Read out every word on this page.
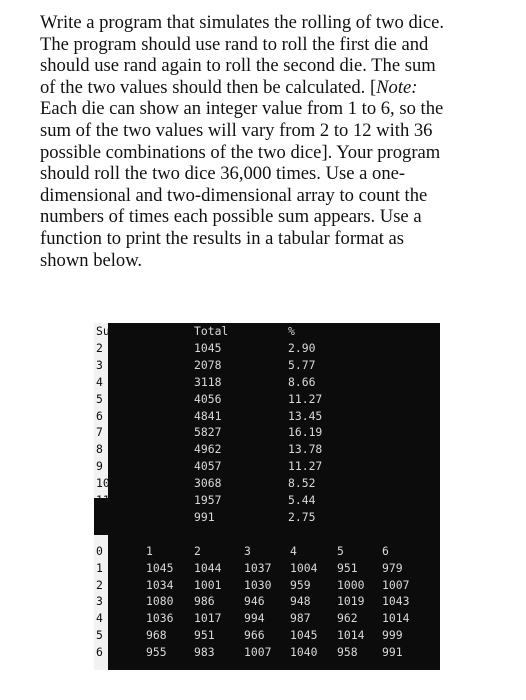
Write a program that simulates the rolling of two dice.
The program should use rand to roll the first die and
should use rand again to roll the second die. The sum
of the two values should then be calculated. [Note:
Each die can show an integer value from 1 to 6, so the
sum of the two values will vary from 2 to 12 with 36
possible combinations of the two dice]. Your program
should roll the two dice 36,000 times. Use a one-
dimensional and two-dimensional array to count the
numbers of times each possible sum appears. Use a
function to print the results in a tabular format as
shown below.
Sum	Total	%
2	1045	2.90
3	2078	5.77
4	3118	8.66
5	4056	11.27
6	4841	13.45
7	5827	16.19
8	4962	13.78
9	4057	11.27
10	3068	8.52
11	1957	5.44
12	991	2.75
0	1	2	3	4	5	6
1	1045 1044 1037 1004 951 979
2	1034 1001 1030 959 1000 1007
3	1080 986	946 948 1019 1043
4	1036 1017 994 987 962 1014
5	968 951	966 1045 1014 999
6	955 983	1007 1040 958 991
